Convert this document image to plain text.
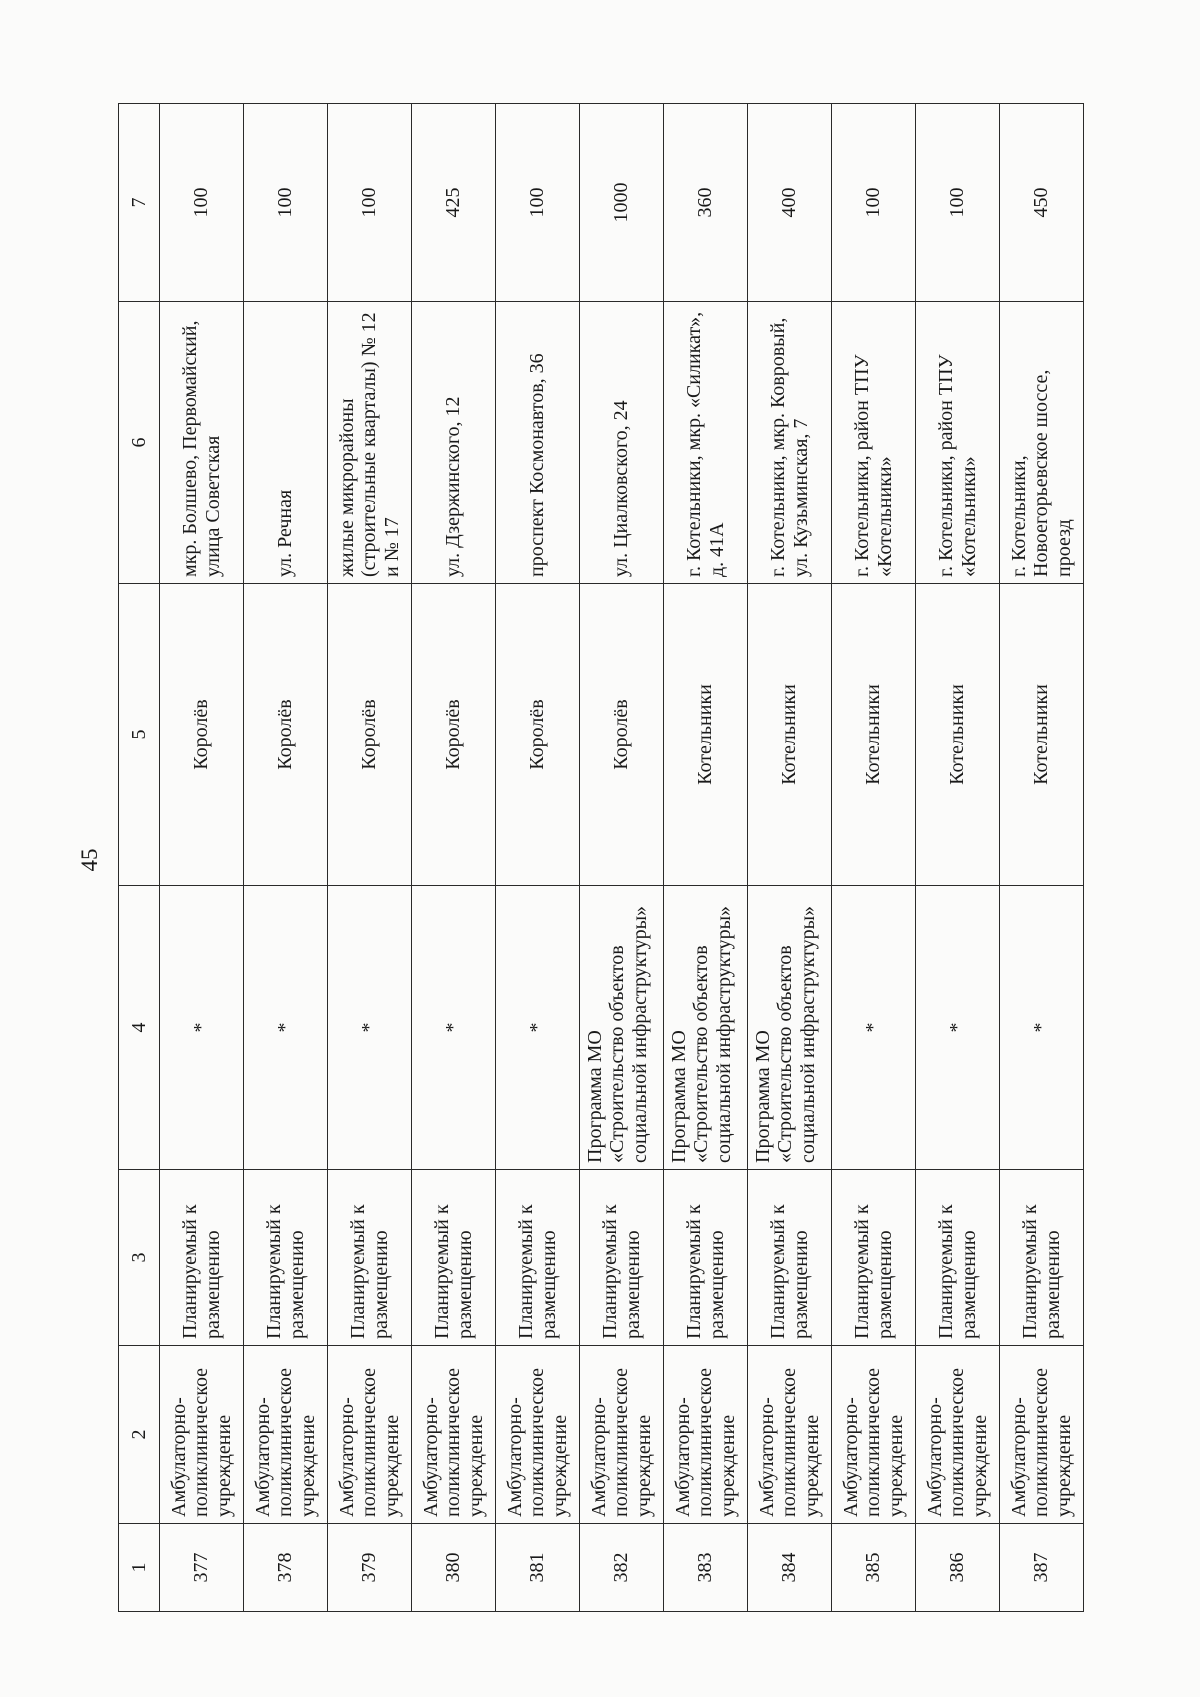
45
1	2	3	4	5	6	7
377	Амбулаторно-поликлиническое учреждение	Планируемый к размещению	*	Королёв	мкр. Болшево, Первомайский, улица Советская	100
378	Амбулаторно-поликлиническое учреждение	Планируемый к размещению	*	Королёв	ул. Речная	100
379	Амбулаторно-поликлиническое учреждение	Планируемый к размещению	*	Королёв	жилые микрорайоны (строительные кварталы) № 12 и № 17	100
380	Амбулаторно-поликлиническое учреждение	Планируемый к размещению	*	Королёв	ул. Дзержинского, 12	425
381	Амбулаторно-поликлиническое учреждение	Планируемый к размещению	*	Королёв	проспект Космонавтов, 36	100
382	Амбулаторно-поликлиническое учреждение	Планируемый к размещению	Программа МО «Строительство объектов социальной инфраструктуры»	Королёв	ул. Циалковского, 24	1000
383	Амбулаторно-поликлиническое учреждение	Планируемый к размещению	Программа МО «Строительство объектов социальной инфраструктуры»	Котельники	г. Котельники, мкр. «Силикат», д. 41А	360
384	Амбулаторно-поликлиническое учреждение	Планируемый к размещению	Программа МО «Строительство объектов социальной инфраструктуры»	Котельники	г. Котельники, мкр. Ковровый, ул. Кузьминская, 7	400
385	Амбулаторно-поликлиническое учреждение	Планируемый к размещению	*	Котельники	г. Котельники, район ТПУ «Котельники»	100
386	Амбулаторно-поликлиническое учреждение	Планируемый к размещению	*	Котельники	г. Котельники, район ТПУ «Котельники»	100
387	Амбулаторно-поликлиническое учреждение	Планируемый к размещению	*	Котельники	г. Котельники, Новоегорьевское шоссе, проезд	450
